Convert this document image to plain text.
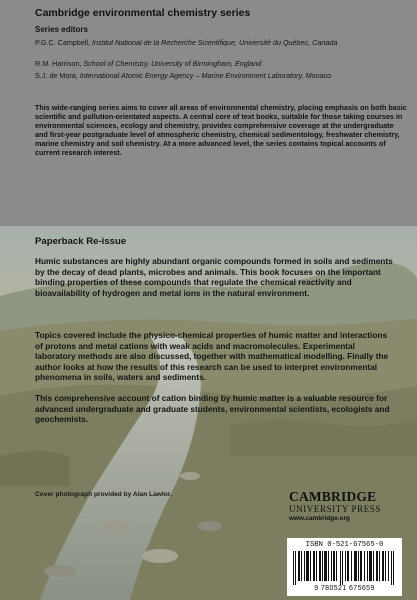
Cambridge environmental chemistry series
Series editors
P.G.C. Campbell, Institut National de la Recherche Scientifique, Université du Québec, Canada
R.M. Harrison, School of Chemistry, University of Birmingham, England
S.J. de Mora, International Atomic Energy Agency – Marine Environment Laboratory, Monaco

This wide-ranging series aims to cover all areas of environmental chemistry, placing emphasis on both basic scientific and pollution-orientated aspects. A central core of text books, suitable for those taking courses in environmental sciences, ecology and chemistry, provides comprehensive coverage at the undergraduate and first-year postgraduate level of atmospheric chemistry, chemical sedimentology, freshwater chemistry, marine chemistry and soil chemistry. At a more advanced level, the series contains topical accounts of current research interest.

Paperback Re-issue

Humic substances are highly abundant organic compounds formed in soils and sediments by the decay of dead plants, microbes and animals. This book focuses on the important binding properties of these compounds that regulate the chemical reactivity and bioavailability of hydrogen and metal ions in the natural environment.

Topics covered include the physico-chemical properties of humic matter and interactions of protons and metal cations with weak acids and macromolecules. Experimental laboratory methods are also discussed, together with mathematical modelling. Finally the author looks at how the results of this research can be used to interpret environmental phenomena in soils, waters and sediments.

This comprehensive account of cation binding by humic matter is a valuable resource for advanced undergraduate and graduate students, environmental scientists, ecologists and geochemists.

Cover photograph provided by Alan Lawlor.	CAMBRIDGE
UNIVERSITY PRESS
www.cambridge.org
ISBN 0-521-67565-0
9 780521 675659
